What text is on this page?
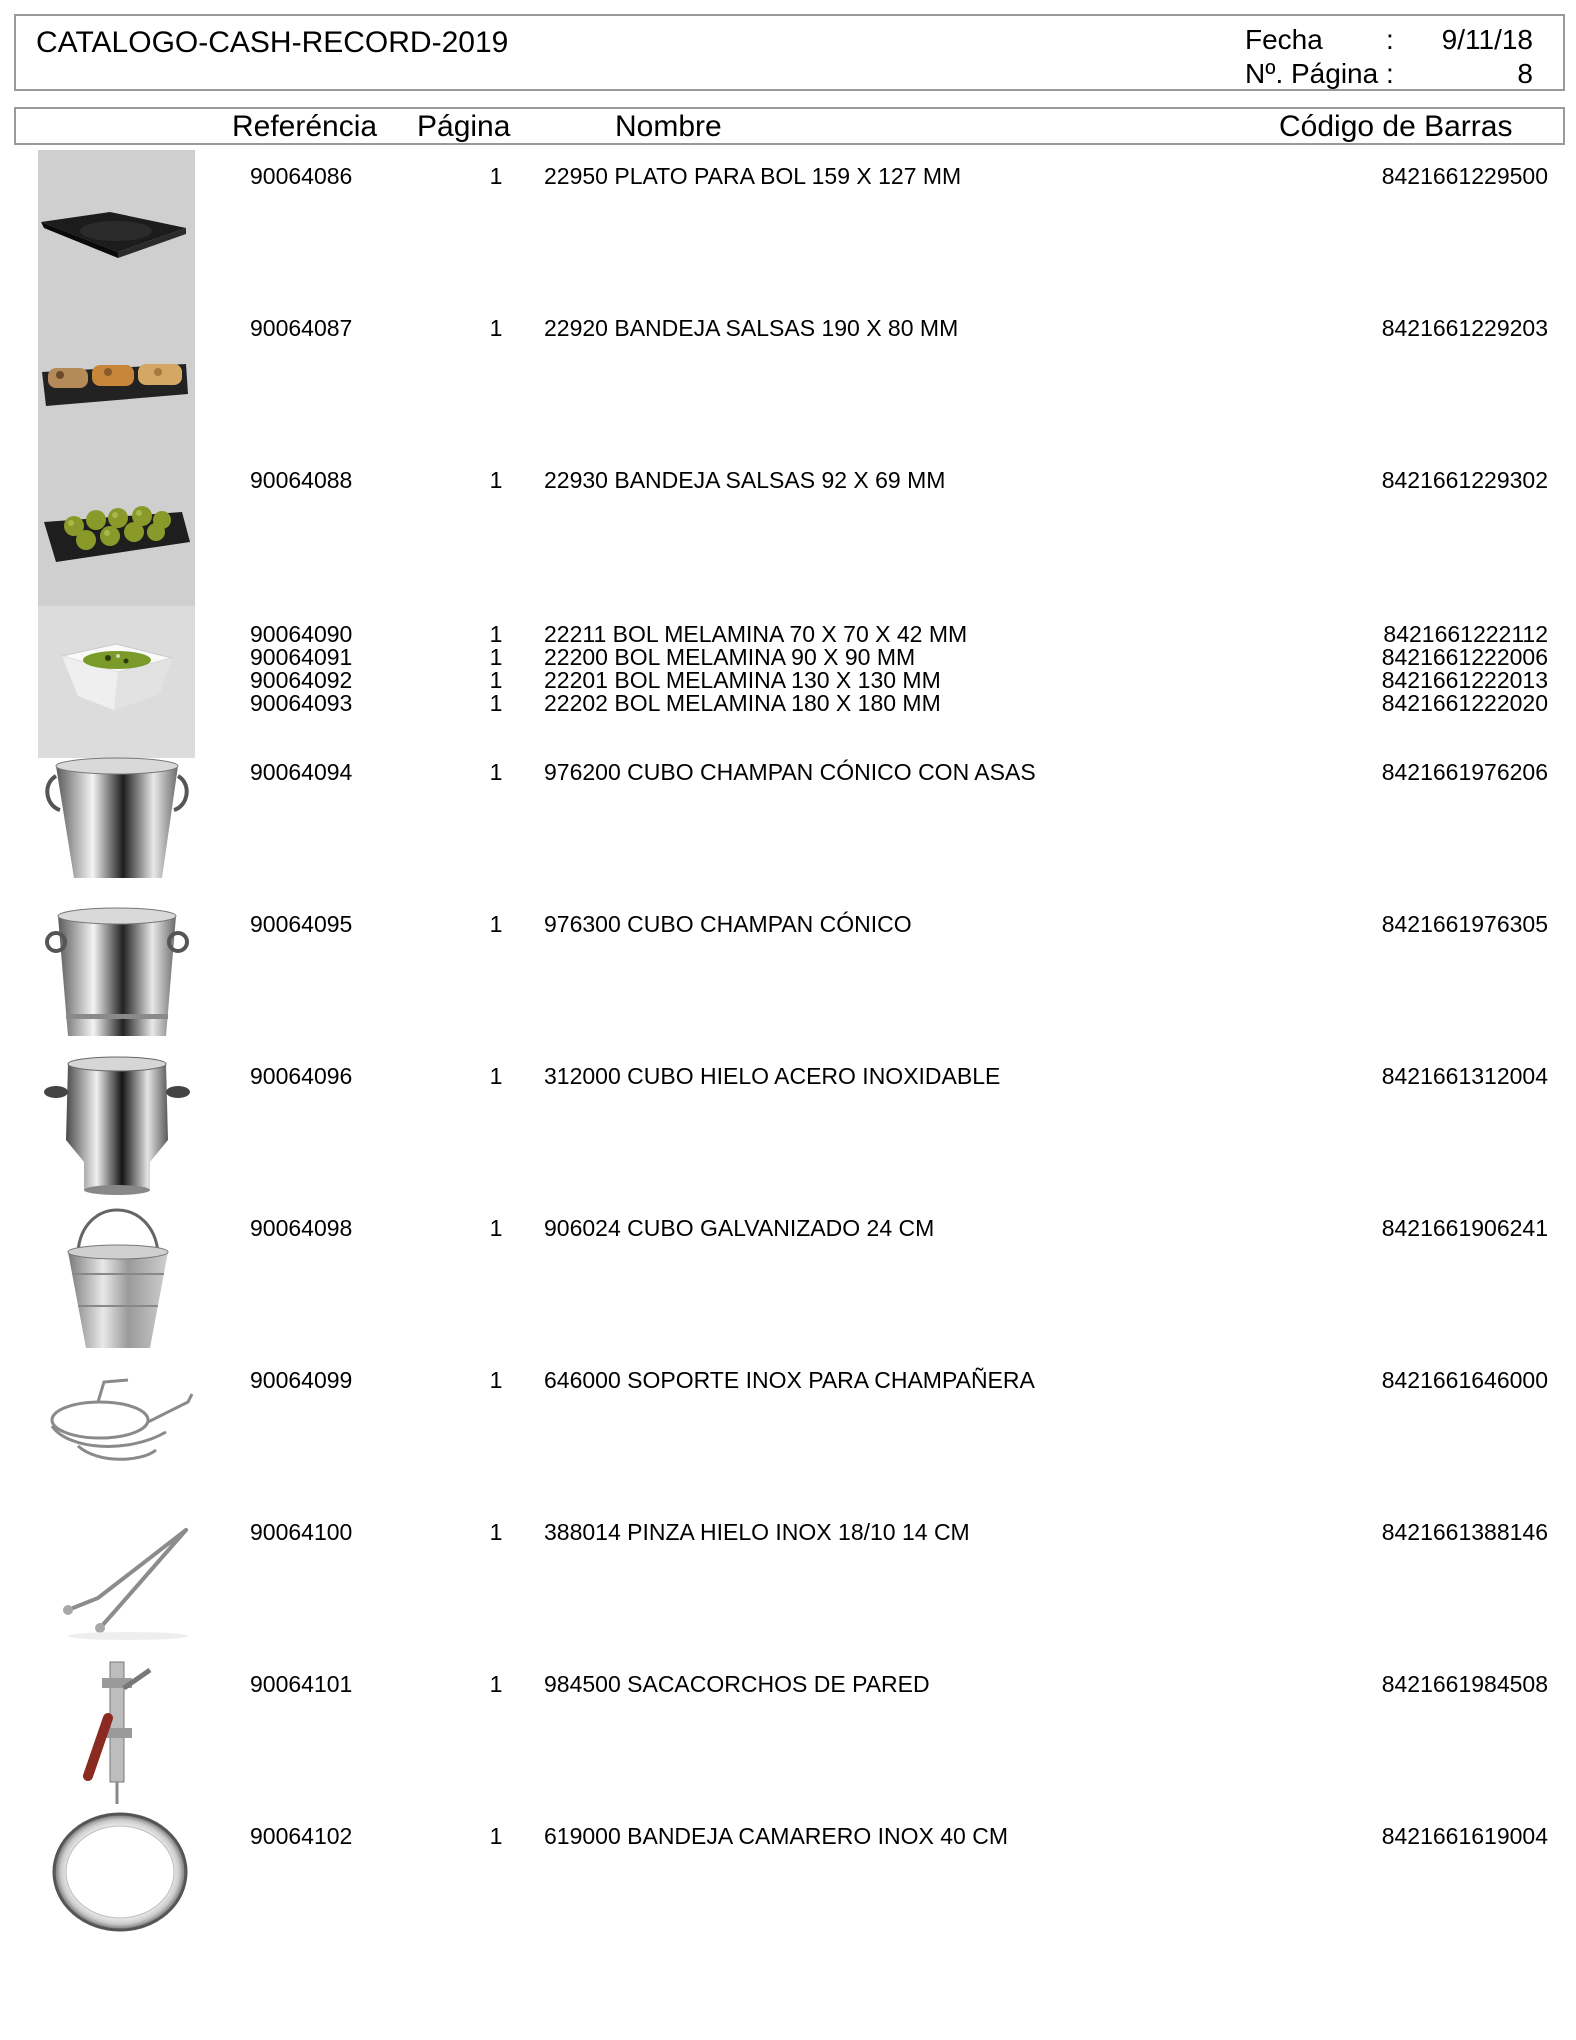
CATALOGO-CASH-RECORD-2019	Fecha
Nº. Página :
: 9/11/18
8
Referéncia Página	Nombre	Código de Barras
90064086	1 22950 PLATO PARA BOL 159 X 127 MM	8421661229500
90064087	1 22920 BANDEJA SALSAS 190 X 80 MM	8421661229203
90064088	1 22930 BANDEJA SALSAS 92 X 69 MM	8421661229302
90064090	1 22211 BOL MELAMINA 70 X 70 X 42 MM	8421661222112
90064091	1 22200 BOL MELAMINA 90 X 90 MM	8421661222006
90064092	1 22201 BOL MELAMINA 130 X 130 MM	8421661222013
90064093	1 22202 BOL MELAMINA 180 X 180 MM	8421661222020
90064094	1 976200 CUBO CHAMPAN CÓNICO CON ASAS	8421661976206
90064095	1 976300 CUBO CHAMPAN CÓNICO	8421661976305
90064096	1 312000 CUBO HIELO ACERO INOXIDABLE	8421661312004
90064098	1 906024 CUBO GALVANIZADO 24 CM	8421661906241
90064099	1 646000 SOPORTE INOX PARA CHAMPAÑERA	8421661646000
90064100	1 388014 PINZA HIELO INOX 18/10 14 CM	8421661388146
90064101	1 984500 SACACORCHOS DE PARED	8421661984508
90064102	1 619000 BANDEJA CAMARERO INOX 40 CM	8421661619004
